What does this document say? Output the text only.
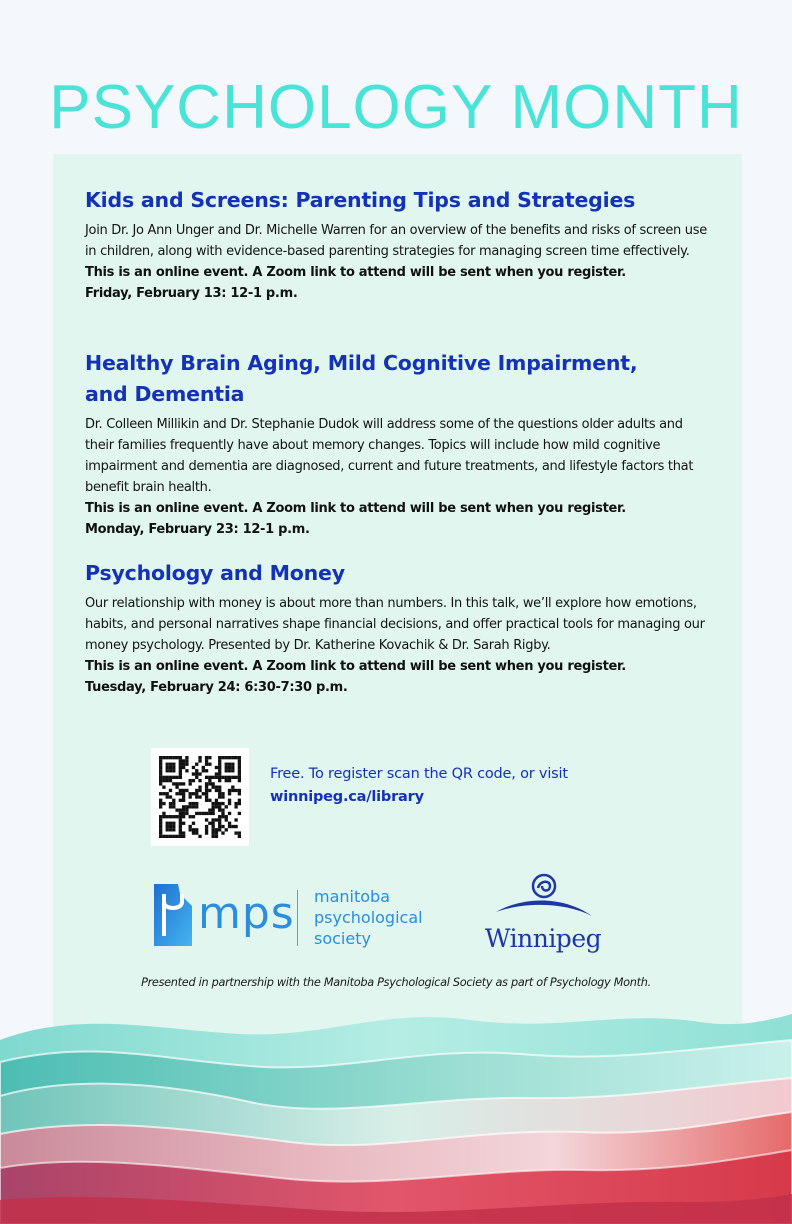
PSYCHOLOGY MONTH
Kids and Screens: Parenting Tips and Strategies

Join Dr. Jo Ann Unger and Dr. Michelle Warren for an overview of the benefits and risks of screen use in children, along with evidence-based parenting strategies for managing screen time effectively.

This is an online event. A Zoom link to attend will be sent when you register.
Friday, February 13: 12-1 p.m.
Healthy Brain Aging, Mild Cognitive Impairment,
and Dementia

Dr. Colleen Millikin and Dr. Stephanie Dudok will address some of the questions older adults and their families frequently have about memory changes. Topics will include how mild cognitive impairment and dementia are diagnosed, current and future treatments, and lifestyle factors that benefit brain health.

This is an online event. A Zoom link to attend will be sent when you register.
Monday, February 23: 12-1 p.m.
Psychology and Money

Our relationship with money is about more than numbers. In this talk, we’ll explore how emotions, habits, and personal narratives shape financial decisions, and offer practical tools for managing our money psychology. Presented by Dr. Katherine Kovachik & Dr. Sarah Rigby.

This is an online event. A Zoom link to attend will be sent when you register.
Tuesday, February 24: 6:30-7:30 p.m.
Free. To register scan the QR code, or visit
winnipeg.ca/library
mps manitoba
psychological
society	Winnipeg
Presented in partnership with the Manitoba Psychological Society as part of Psychology Month.
